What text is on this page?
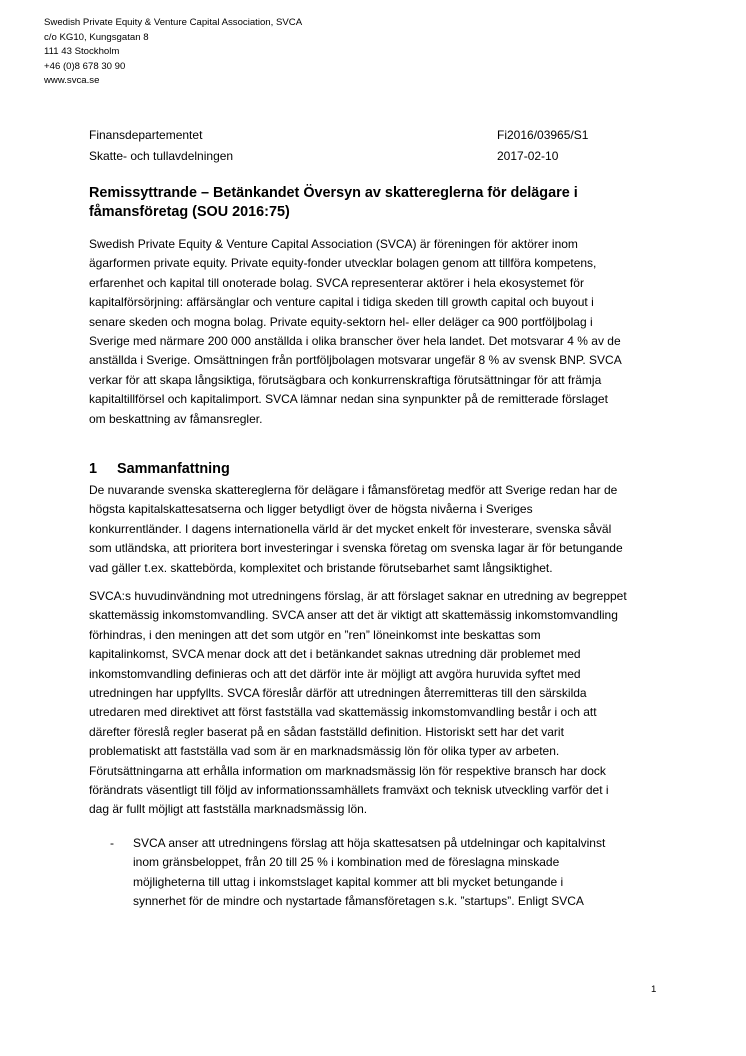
Swedish Private Equity & Venture Capital Association, SVCA
c/o KG10, Kungsgatan 8
111 43 Stockholm
+46 (0)8 678 30 90
www.svca.se
Finansdepartementet
Skatte- och tullavdelningen
Fi2016/03965/S1
2017-02-10
Remissyttrande – Betänkandet Översyn av skattereglerna för delägare i fåmansföretag (SOU 2016:75)
Swedish Private Equity & Venture Capital Association (SVCA) är föreningen för aktörer inom
ägarformen private equity. Private equity-fonder utvecklar bolagen genom att tillföra kompetens,
erfarenhet och kapital till onoterade bolag. SVCA representerar aktörer i hela ekosystemet för
kapitalförsörjning: affärsänglar och venture capital i tidiga skeden till growth capital och buyout i
senare skeden och mogna bolag. Private equity-sektorn hel- eller deläger ca 900 portföljbolag i
Sverige med närmare 200 000 anställda i olika branscher över hela landet. Det motsvarar 4 % av de
anställda i Sverige. Omsättningen från portföljbolagen motsvarar ungefär 8 % av svensk BNP. SVCA
verkar för att skapa långsiktiga, förutsägbara och konkurrenskraftiga förutsättningar för att främja
kapitaltillförsel och kapitalimport. SVCA lämnar nedan sina synpunkter på de remitterade förslaget
om beskattning av fåmansregler.
1 Sammanfattning
De nuvarande svenska skattereglerna för delägare i fåmansföretag medför att Sverige redan har de
högsta kapitalskattesatserna och ligger betydligt över de högsta nivåerna i Sveriges
konkurrentländer. I dagens internationella värld är det mycket enkelt för investerare, svenska såväl
som utländska, att prioritera bort investeringar i svenska företag om svenska lagar är för betungande
vad gäller t.ex. skattebörda, komplexitet och bristande förutsebarhet samt långsiktighet.
SVCA:s huvudinvändning mot utredningens förslag, är att förslaget saknar en utredning av begreppet
skattemässig inkomstomvandling. SVCA anser att det är viktigt att skattemässig inkomstomvandling
förhindras, i den meningen att det som utgör en ”ren” löneinkomst inte beskattas som
kapitalinkomst, SVCA menar dock att det i betänkandet saknas utredning där problemet med
inkomstomvandling definieras och att det därför inte är möjligt att avgöra huruvida syftet med
utredningen har uppfyllts. SVCA föreslår därför att utredningen återremitteras till den särskilda
utredaren med direktivet att först fastställa vad skattemässig inkomstomvandling består i och att
därefter föreslå regler baserat på en sådan fastställd definition. Historiskt sett har det varit
problematiskt att fastställa vad som är en marknadsmässig lön för olika typer av arbeten.
Förutsättningarna att erhålla information om marknadsmässig lön för respektive bransch har dock
förändrats väsentligt till följd av informationssamhällets framväxt och teknisk utveckling varför det i
dag är fullt möjligt att fastställa marknadsmässig lön.
- SVCA anser att utredningens förslag att höja skattesatsen på utdelningar och kapitalvinst
inom gränsbeloppet, från 20 till 25 % i kombination med de föreslagna minskade
möjligheterna till uttag i inkomstslaget kapital kommer att bli mycket betungande i
synnerhet för de mindre och nystartade fåmansföretagen s.k. ”startups”. Enligt SVCA
1
